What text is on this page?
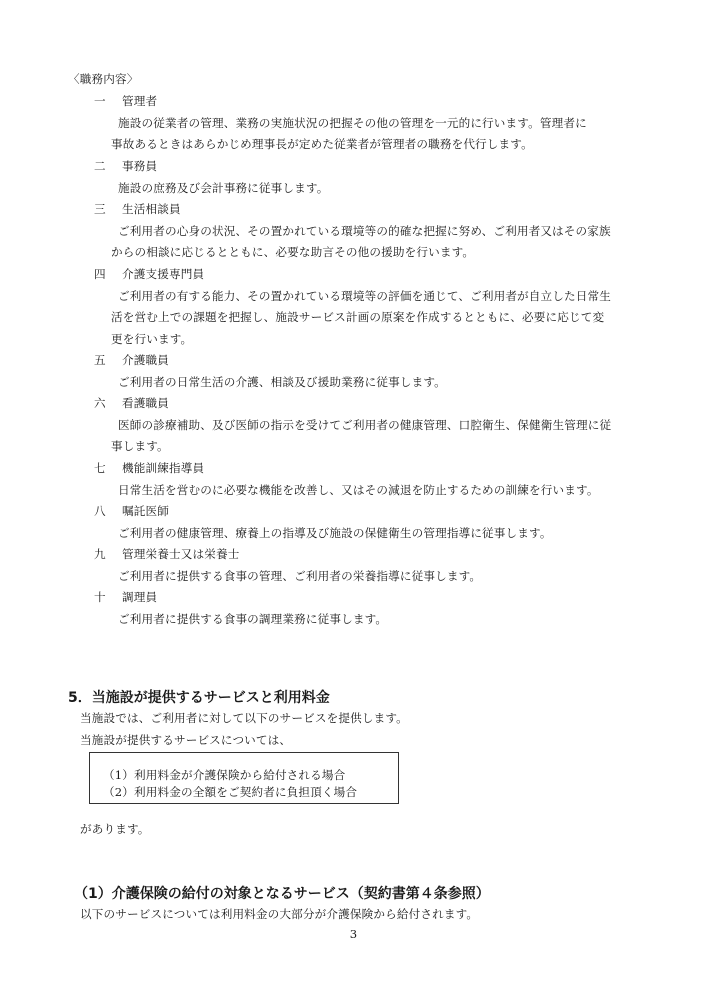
〈職務内容〉
一 管理者
施設の従業者の管理、業務の実施状況の把握その他の管理を一元的に行います。管理者に
事故あるときはあらかじめ理事長が定めた従業者が管理者の職務を代行します。
二 事務員
施設の庶務及び会計事務に従事します。
三 生活相談員
ご利用者の心身の状況、その置かれている環境等の的確な把握に努め、ご利用者又はその家族
からの相談に応じるとともに、必要な助言その他の援助を行います。
四 介護支援専門員
ご利用者の有する能力、その置かれている環境等の評価を通じて、ご利用者が自立した日常生
活を営む上での課題を把握し、施設サービス計画の原案を作成するとともに、必要に応じて変
更を行います。
五 介護職員
ご利用者の日常生活の介護、相談及び援助業務に従事します。
六 看護職員
医師の診療補助、及び医師の指示を受けてご利用者の健康管理、口腔衛生、保健衛生管理に従
事します。
七 機能訓練指導員
日常生活を営むのに必要な機能を改善し、又はその減退を防止するための訓練を行います。
八 嘱託医師
ご利用者の健康管理、療養上の指導及び施設の保健衛生の管理指導に従事します。
九 管理栄養士又は栄養士
ご利用者に提供する食事の管理、ご利用者の栄養指導に従事します。
十 調理員
ご利用者に提供する食事の調理業務に従事します。
5．当施設が提供するサービスと利用料金
当施設では、ご利用者に対して以下のサービスを提供します。
当施設が提供するサービスについては、
（1）利用料金が介護保険から給付される場合
（2）利用料金の全額をご契約者に負担頂く場合
があります。
（1）介護保険の給付の対象となるサービス（契約書第４条参照）
以下のサービスについては利用料金の大部分が介護保険から給付されます。
3
